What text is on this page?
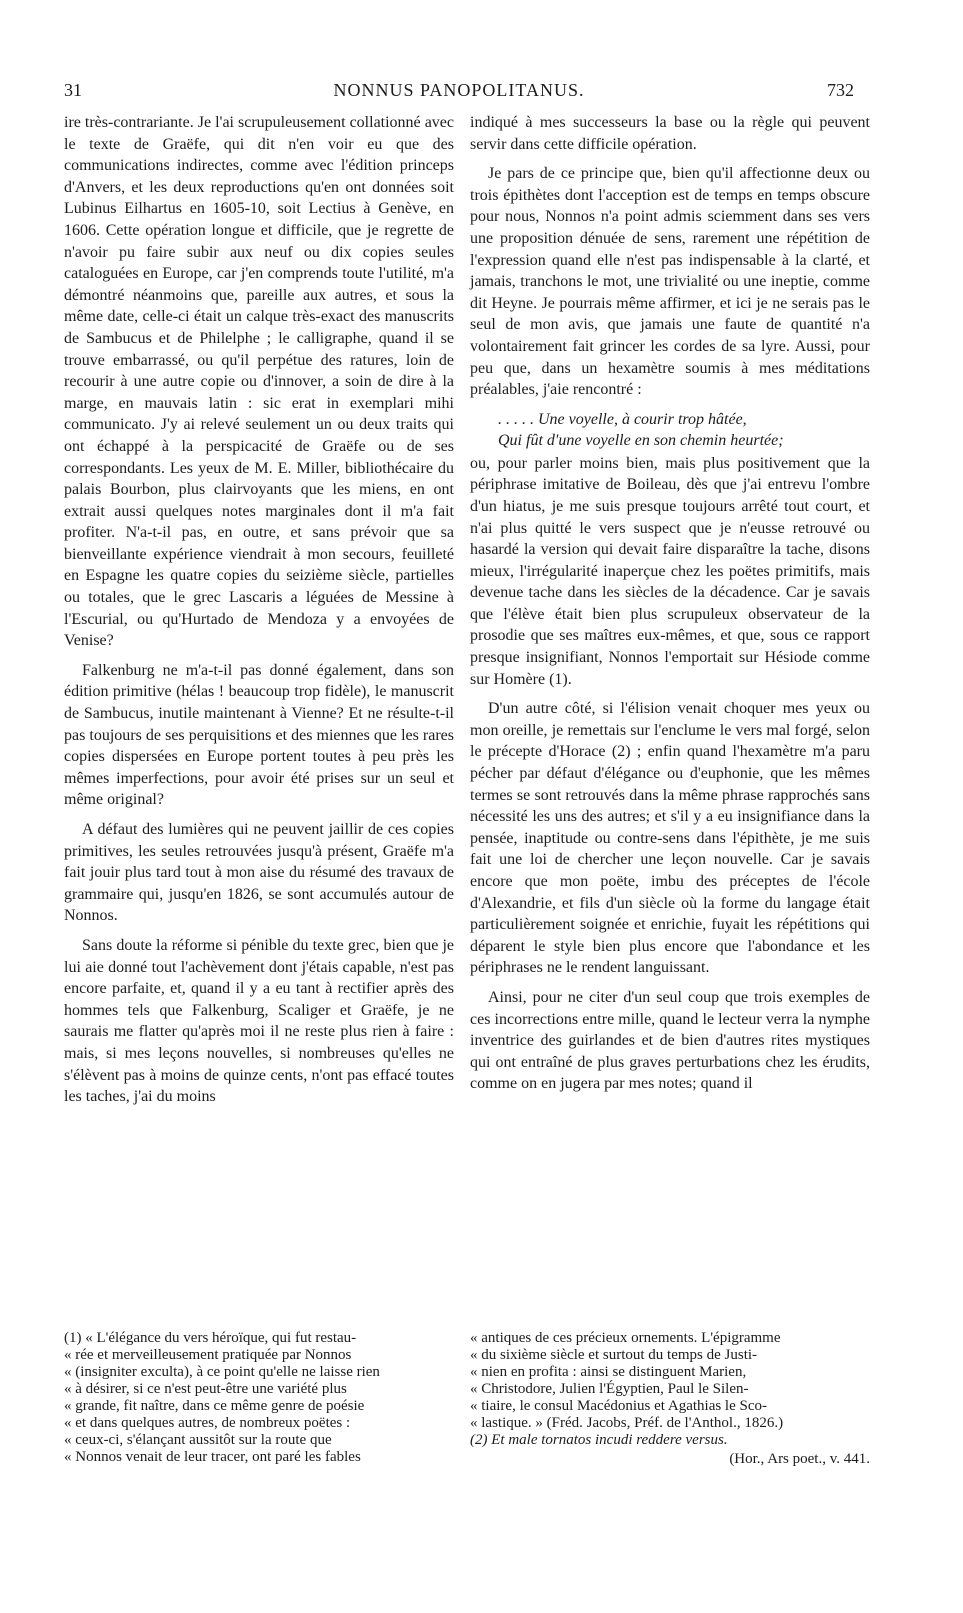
31	NONNUS PANOPOLITANUS.	732

ire très-contrariante. Je l'ai scrupuleusement collationné avec le texte de Graëfe, qui dit n'en voir eu que des communications indirectes, comme avec l'édition princeps d'Anvers, et les deux reproductions qu'en ont données soit Lubinus Eilhartus en 1605-10, soit Lectius à Genève, en 1606. Cette opération longue et difficile, que je regrette de n'avoir pu faire subir aux neuf ou dix copies seules cataloguées en Europe, car j'en comprends toute l'utilité, m'a démontré néanmoins que, pareille aux autres, et sous la même date, celle-ci était un calque très-exact des manuscrits de Sambucus et de Philelphe ; le calligraphe, quand il se trouve embarrassé, ou qu'il perpétue des ratures, loin de recourir à une autre copie ou d'innover, a soin de dire à la marge, en mauvais latin : sic erat in exemplari mihi communicato. J'y ai relevé seulement un ou deux traits qui ont échappé à la perspicacité de Graëfe ou de ses correspondants. Les yeux de M. E. Miller, bibliothécaire du palais Bourbon, plus clairvoyants que les miens, en ont extrait aussi quelques notes marginales dont il m'a fait profiter. N'a-t-il pas, en outre, et sans prévoir que sa bienveillante expérience viendrait à mon secours, feuilleté en Espagne les quatre copies du seizième siècle, partielles ou totales, que le grec Lascaris a léguées de Messine à l'Escurial, ou qu'Hurtado de Mendoza y a envoyées de Venise?

Falkenburg ne m'a-t-il pas donné également, dans son édition primitive (hélas ! beaucoup trop fidèle), le manuscrit de Sambucus, inutile maintenant à Vienne? Et ne résulte-t-il pas toujours de ses perquisitions et des miennes que les rares copies dispersées en Europe portent toutes à peu près les mêmes imperfections, pour avoir été prises sur un seul et même original?

A défaut des lumières qui ne peuvent jaillir de ces copies primitives, les seules retrouvées jusqu'à présent, Graëfe m'a fait jouir plus tard tout à mon aise du résumé des travaux de grammaire qui, jusqu'en 1826, se sont accumulés autour de Nonnos.

Sans doute la réforme si pénible du texte grec, bien que je lui aie donné tout l'achèvement dont j'étais capable, n'est pas encore parfaite, et, quand il y a eu tant à rectifier après des hommes tels que Falkenburg, Scaliger et Graëfe, je ne saurais me flatter qu'après moi il ne reste plus rien à faire : mais, si mes leçons nouvelles, si nombreuses qu'elles ne s'élèvent pas à moins de quinze cents, n'ont pas effacé toutes les taches, j'ai du moins

indiqué à mes successeurs la base ou la règle qui peuvent servir dans cette difficile opération.

Je pars de ce principe que, bien qu'il affectionne deux ou trois épithètes dont l'acception est de temps en temps obscure pour nous, Nonnos n'a point admis sciemment dans ses vers une proposition dénuée de sens, rarement une répétition de l'expression quand elle n'est pas indispensable à la clarté, et jamais, tranchons le mot, une trivialité ou une ineptie, comme dit Heyne. Je pourrais même affirmer, et ici je ne serais pas le seul de mon avis, que jamais une faute de quantité n'a volontairement fait grincer les cordes de sa lyre. Aussi, pour peu que, dans un hexamètre soumis à mes méditations préalables, j'aie rencontré :

. . . . . Une voyelle, à courir trop hâtée,
Qui fût d'une voyelle en son chemin heurtée;

ou, pour parler moins bien, mais plus positivement que la périphrase imitative de Boileau, dès que j'ai entrevu l'ombre d'un hiatus, je me suis presque toujours arrêté tout court, et n'ai plus quitté le vers suspect que je n'eusse retrouvé ou hasardé la version qui devait faire disparaître la tache, disons mieux, l'irrégularité inaperçue chez les poëtes primitifs, mais devenue tache dans les siècles de la décadence. Car je savais que l'élève était bien plus scrupuleux observateur de la prosodie que ses maîtres eux-mêmes, et que, sous ce rapport presque insignifiant, Nonnos l'emportait sur Hésiode comme sur Homère (1).

D'un autre côté, si l'élision venait choquer mes yeux ou mon oreille, je remettais sur l'enclume le vers mal forgé, selon le précepte d'Horace (2) ; enfin quand l'hexamètre m'a paru pécher par défaut d'élégance ou d'euphonie, que les mêmes termes se sont retrouvés dans la même phrase rapprochés sans nécessité les uns des autres; et s'il y a eu insignifiance dans la pensée, inaptitude ou contre-sens dans l'épithète, je me suis fait une loi de chercher une leçon nouvelle. Car je savais encore que mon poëte, imbu des préceptes de l'école d'Alexandrie, et fils d'un siècle où la forme du langage était particulièrement soignée et enrichie, fuyait les répétitions qui déparent le style bien plus encore que l'abondance et les périphrases ne le rendent languissant.

Ainsi, pour ne citer d'un seul coup que trois exemples de ces incorrections entre mille, quand le lecteur verra la nymphe inventrice des guirlandes et de bien d'autres rites mystiques qui ont entraîné de plus graves perturbations chez les érudits, comme on en jugera par mes notes; quand il

(1) « L'élégance du vers héroïque, qui fut restau-
« rée et merveilleusement pratiquée par Nonnos
« (insigniter exculta), à ce point qu'elle ne laisse rien
« à désirer, si ce n'est peut-être une variété plus
« grande, fit naître, dans ce même genre de poésie
« et dans quelques autres, de nombreux poëtes :
« ceux-ci, s'élançant aussitôt sur la route que
« Nonnos venait de leur tracer, ont paré les fables
« antiques de ces précieux ornements. L'épigramme
« du sixième siècle et surtout du temps de Justi-
« nien en profita : ainsi se distinguent Marien,
« Christodore, Julien l'Égyptien, Paul le Silen-
« tiaire, le consul Macédonius et Agathias le Sco-
« lastique. » (Fréd. Jacobs, Préf. de l'Anthol., 1826.)
(2) Et male tornatos incudi reddere versus.
(Hor., Ars poet., v. 441.
